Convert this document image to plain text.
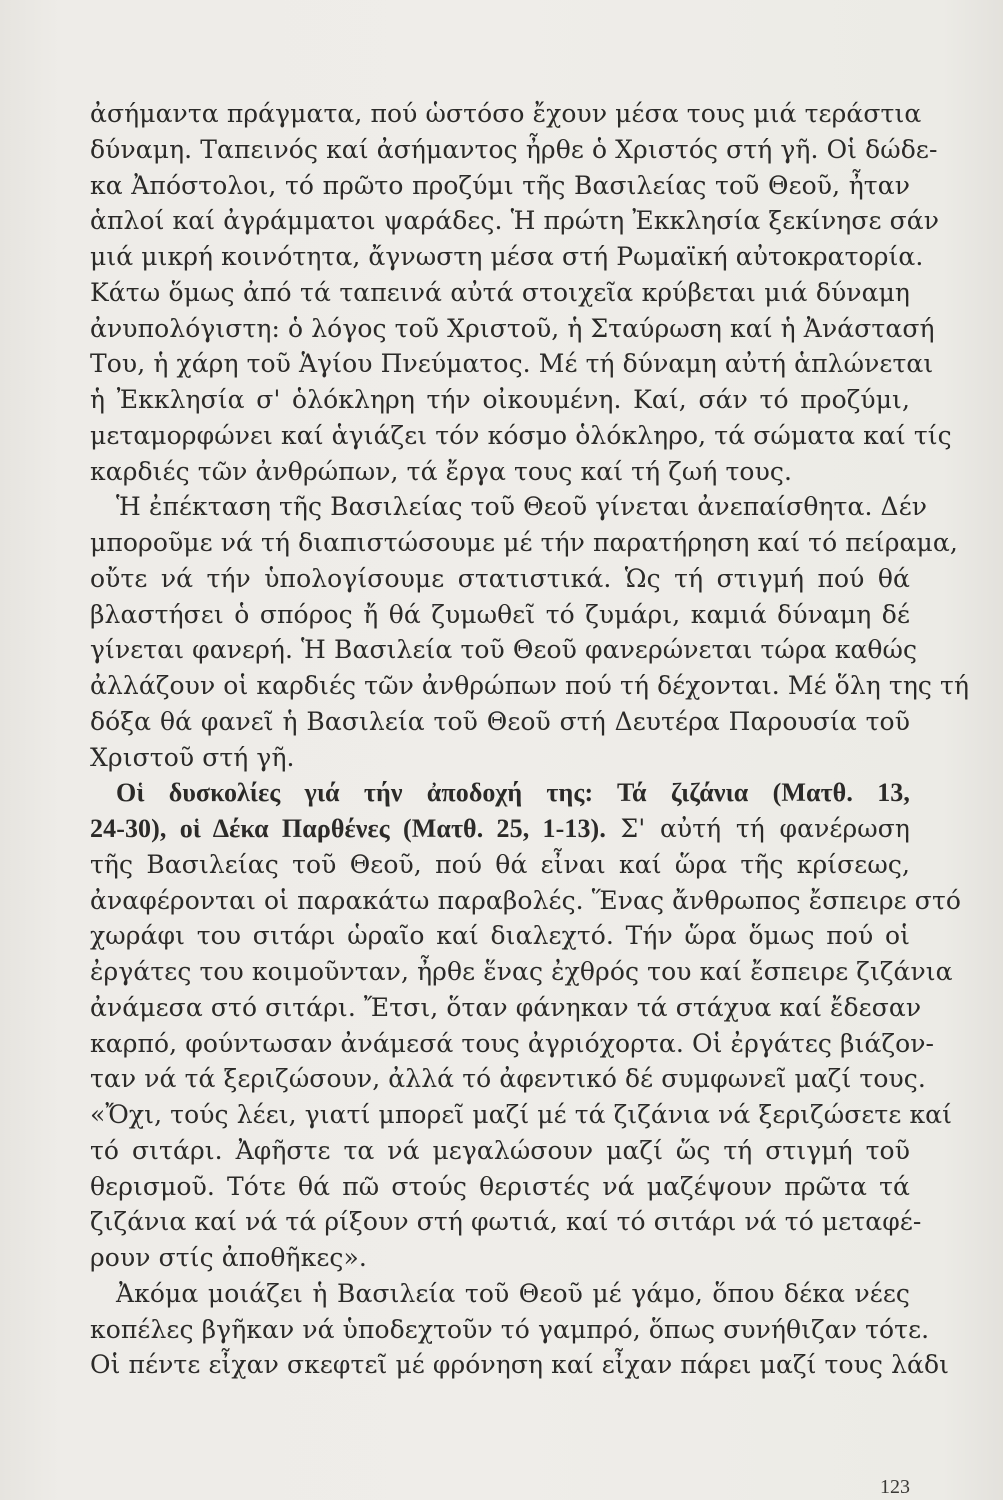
ἀσήμαντα πράγματα, πού ὡστόσο ἔχουν μέσα τους μιά τεράστια
δύναμη. Ταπεινός καί ἀσήμαντος ἦρθε ὁ Χριστός στή γῆ. Οἱ δώδε-
κα Ἀπόστολοι, τό πρῶτο προζύμι τῆς Βασιλείας τοῦ Θεοῦ, ἦταν
ἁπλοί καί ἀγράμματοι ψαράδες. Ἡ πρώτη Ἐκκλησία ξεκίνησε σάν
μιά μικρή κοινότητα, ἄγνωστη μέσα στή Ρωμαϊκή αὐτοκρατορία.
Κάτω ὅμως ἀπό τά ταπεινά αὐτά στοιχεῖα κρύβεται μιά δύναμη
ἀνυπολόγιστη: ὁ λόγος τοῦ Χριστοῦ, ἡ Σταύρωση καί ἡ Ἀνάστασή
Του, ἡ χάρη τοῦ Ἁγίου Πνεύματος. Μέ τή δύναμη αὐτή ἁπλώνεται
ἡ Ἐκκλησία σ' ὁλόκληρη τήν οἰκουμένη. Καί, σάν τό προζύμι,
μεταμορφώνει καί ἁγιάζει τόν κόσμο ὁλόκληρο, τά σώματα καί τίς
καρδιές τῶν ἀνθρώπων, τά ἔργα τους καί τή ζωή τους.
Ἡ ἐπέκταση τῆς Βασιλείας τοῦ Θεοῦ γίνεται ἀνεπαίσθητα. Δέν
μποροῦμε νά τή διαπιστώσουμε μέ τήν παρατήρηση καί τό πείραμα,
οὔτε νά τήν ὑπολογίσουμε στατιστικά. Ὡς τή στιγμή πού θά
βλαστήσει ὁ σπόρος ἤ θά ζυμωθεῖ τό ζυμάρι, καμιά δύναμη δέ
γίνεται φανερή. Ἡ Βασιλεία τοῦ Θεοῦ φανερώνεται τώρα καθώς
ἀλλάζουν οἱ καρδιές τῶν ἀνθρώπων πού τή δέχονται. Μέ ὅλη της τή
δόξα θά φανεῖ ἡ Βασιλεία τοῦ Θεοῦ στή Δευτέρα Παρουσία τοῦ
Χριστοῦ στή γῆ.
Οἱ δυσκολίες γιά τήν ἀποδοχή της: Τά ζιζάνια (Ματθ. 13,
24-30), οἱ Δέκα Παρθένες (Ματθ. 25, 1-13). Σ' αὐτή τή φανέρωση
τῆς Βασιλείας τοῦ Θεοῦ, πού θά εἶναι καί ὥρα τῆς κρίσεως,
ἀναφέρονται οἱ παρακάτω παραβολές. Ἕνας ἄνθρωπος ἔσπειρε στό
χωράφι του σιτάρι ὡραῖο καί διαλεχτό. Τήν ὥρα ὅμως πού οἱ
ἐργάτες του κοιμοῦνταν, ἦρθε ἕνας ἐχθρός του καί ἔσπειρε ζιζάνια
ἀνάμεσα στό σιτάρι. Ἔτσι, ὅταν φάνηκαν τά στάχυα καί ἔδεσαν
καρπό, φούντωσαν ἀνάμεσά τους ἀγριόχορτα. Οἱ ἐργάτες βιάζον-
ταν νά τά ξεριζώσουν, ἀλλά τό ἀφεντικό δέ συμφωνεῖ μαζί τους.
«Ὄχι, τούς λέει, γιατί μπορεῖ μαζί μέ τά ζιζάνια νά ξεριζώσετε καί
τό σιτάρι. Ἀφῆστε τα νά μεγαλώσουν μαζί ὥς τή στιγμή τοῦ
θερισμοῦ. Τότε θά πῶ στούς θεριστές νά μαζέψουν πρῶτα τά
ζιζάνια καί νά τά ρίξουν στή φωτιά, καί τό σιτάρι νά τό μεταφέ-
ρουν στίς ἀποθῆκες».
Ἀκόμα μοιάζει ἡ Βασιλεία τοῦ Θεοῦ μέ γάμο, ὅπου δέκα νέες
κοπέλες βγῆκαν νά ὑποδεχτοῦν τό γαμπρό, ὅπως συνήθιζαν τότε.
Οἱ πέντε εἶχαν σκεφτεῖ μέ φρόνηση καί εἶχαν πάρει μαζί τους λάδι
123
